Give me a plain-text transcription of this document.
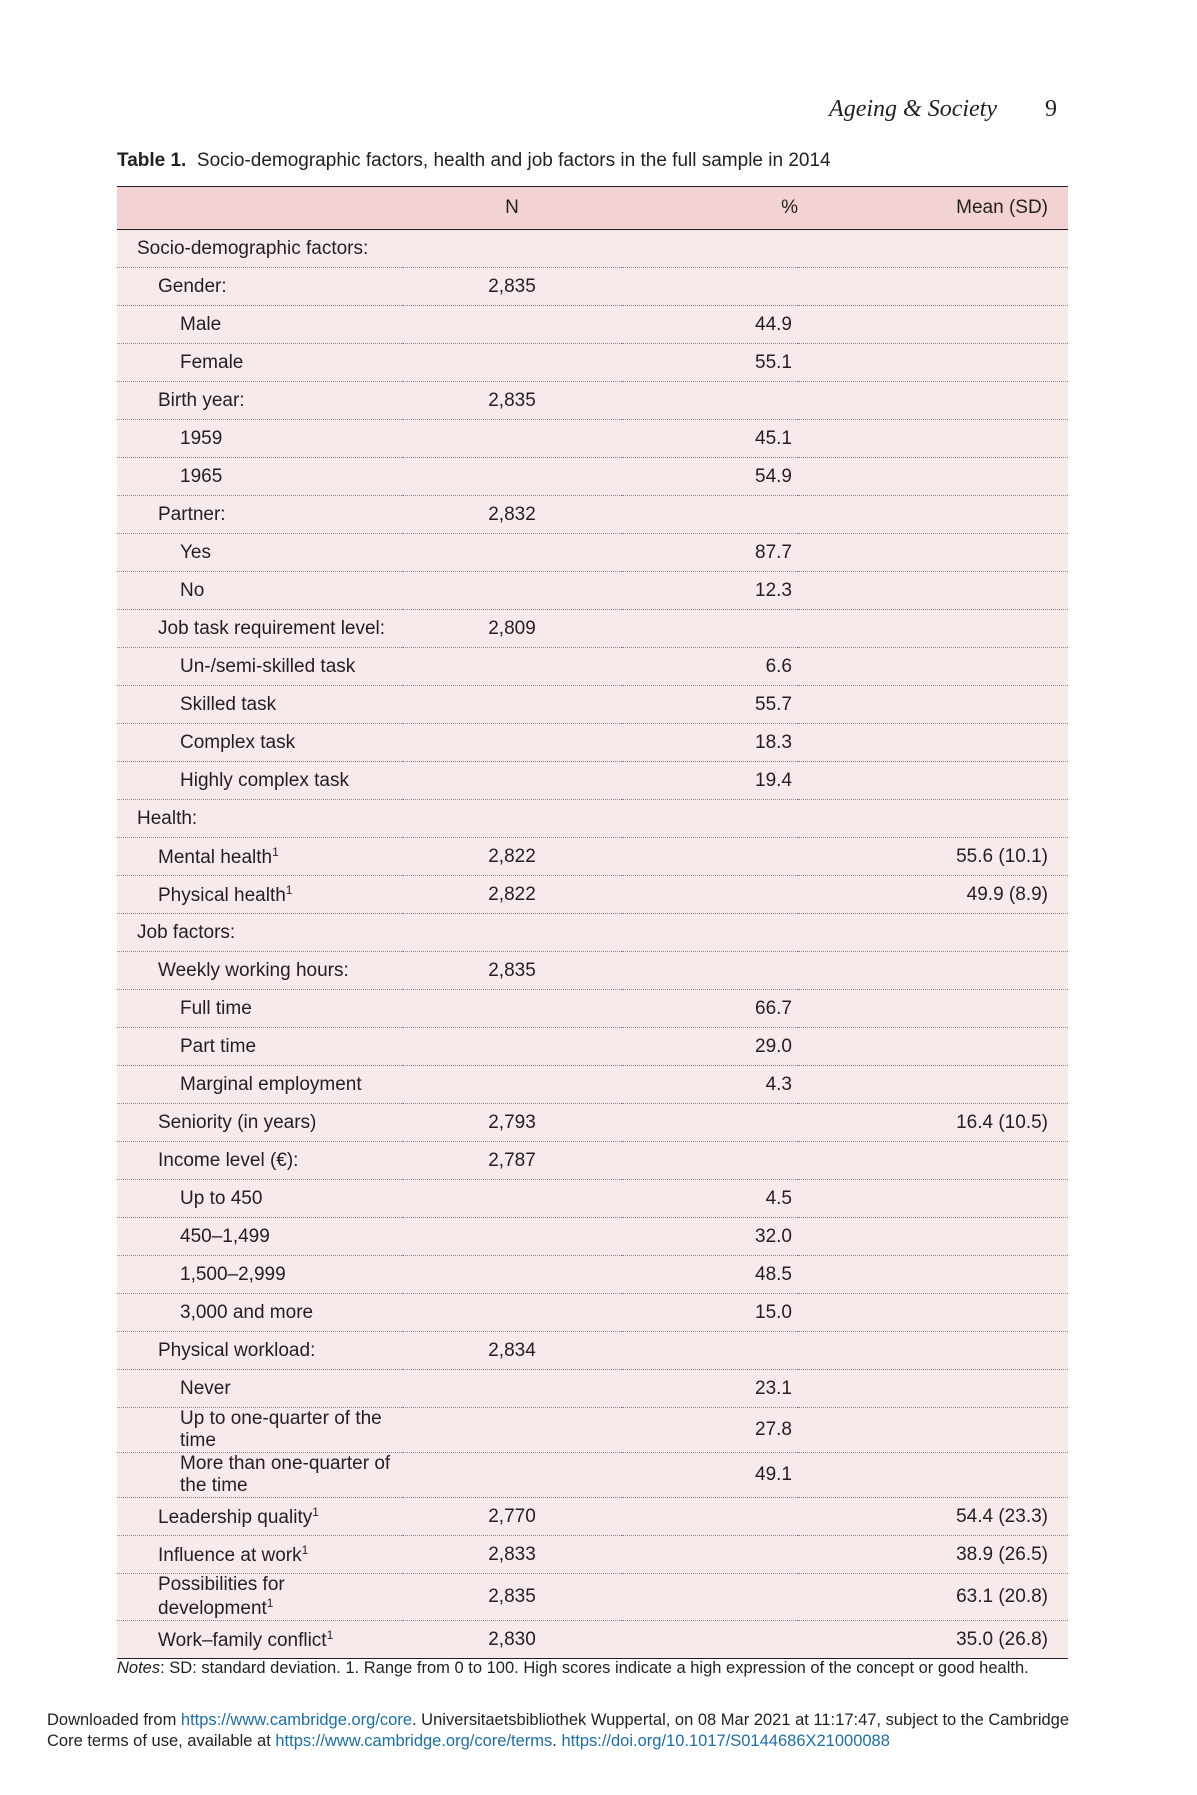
Ageing & Society 9
Table 1. Socio-demographic factors, health and job factors in the full sample in 2014
	N	%	Mean (SD)
Socio-demographic factors:			
Gender:	2,835		
Male		44.9	
Female		55.1	
Birth year:	2,835		
1959		45.1	
1965		54.9	
Partner:	2,832		
Yes		87.7	
No		12.3	
Job task requirement level:	2,809		
Un-/semi-skilled task		6.6	
Skilled task		55.7	
Complex task		18.3	
Highly complex task		19.4	
Health:			
Mental health$^1$	2,822		55.6 (10.1)
Physical health$^1$	2,822		49.9 (8.9)
Job factors:			
Weekly working hours:	2,835		
Full time		66.7	
Part time		29.0	
Marginal employment		4.3	
Seniority (in years)	2,793		16.4 (10.5)
Income level (€):	2,787		
Up to 450		4.5	
450–1,499		32.0	
1,500–2,999		48.5	
3,000 and more		15.0	
Physical workload:	2,834		
Never		23.1	
Up to one-quarter of the time		27.8	
More than one-quarter of the time		49.1	
Leadership quality$^1$	2,770		54.4 (23.3)
Influence at work$^1$	2,833		38.9 (26.5)
Possibilities for development$^1$	2,835		63.1 (20.8)
Work–family conflict$^1$	2,830		35.0 (26.8)
Notes: SD: standard deviation. 1. Range from 0 to 100. High scores indicate a high expression of the concept or good health.
Downloaded from https://www.cambridge.org/core. Universitaetsbibliothek Wuppertal, on 08 Mar 2021 at 11:17:47, subject to the Cambridge
Core terms of use, available at https://www.cambridge.org/core/terms. https://doi.org/10.1017/S0144686X21000088
